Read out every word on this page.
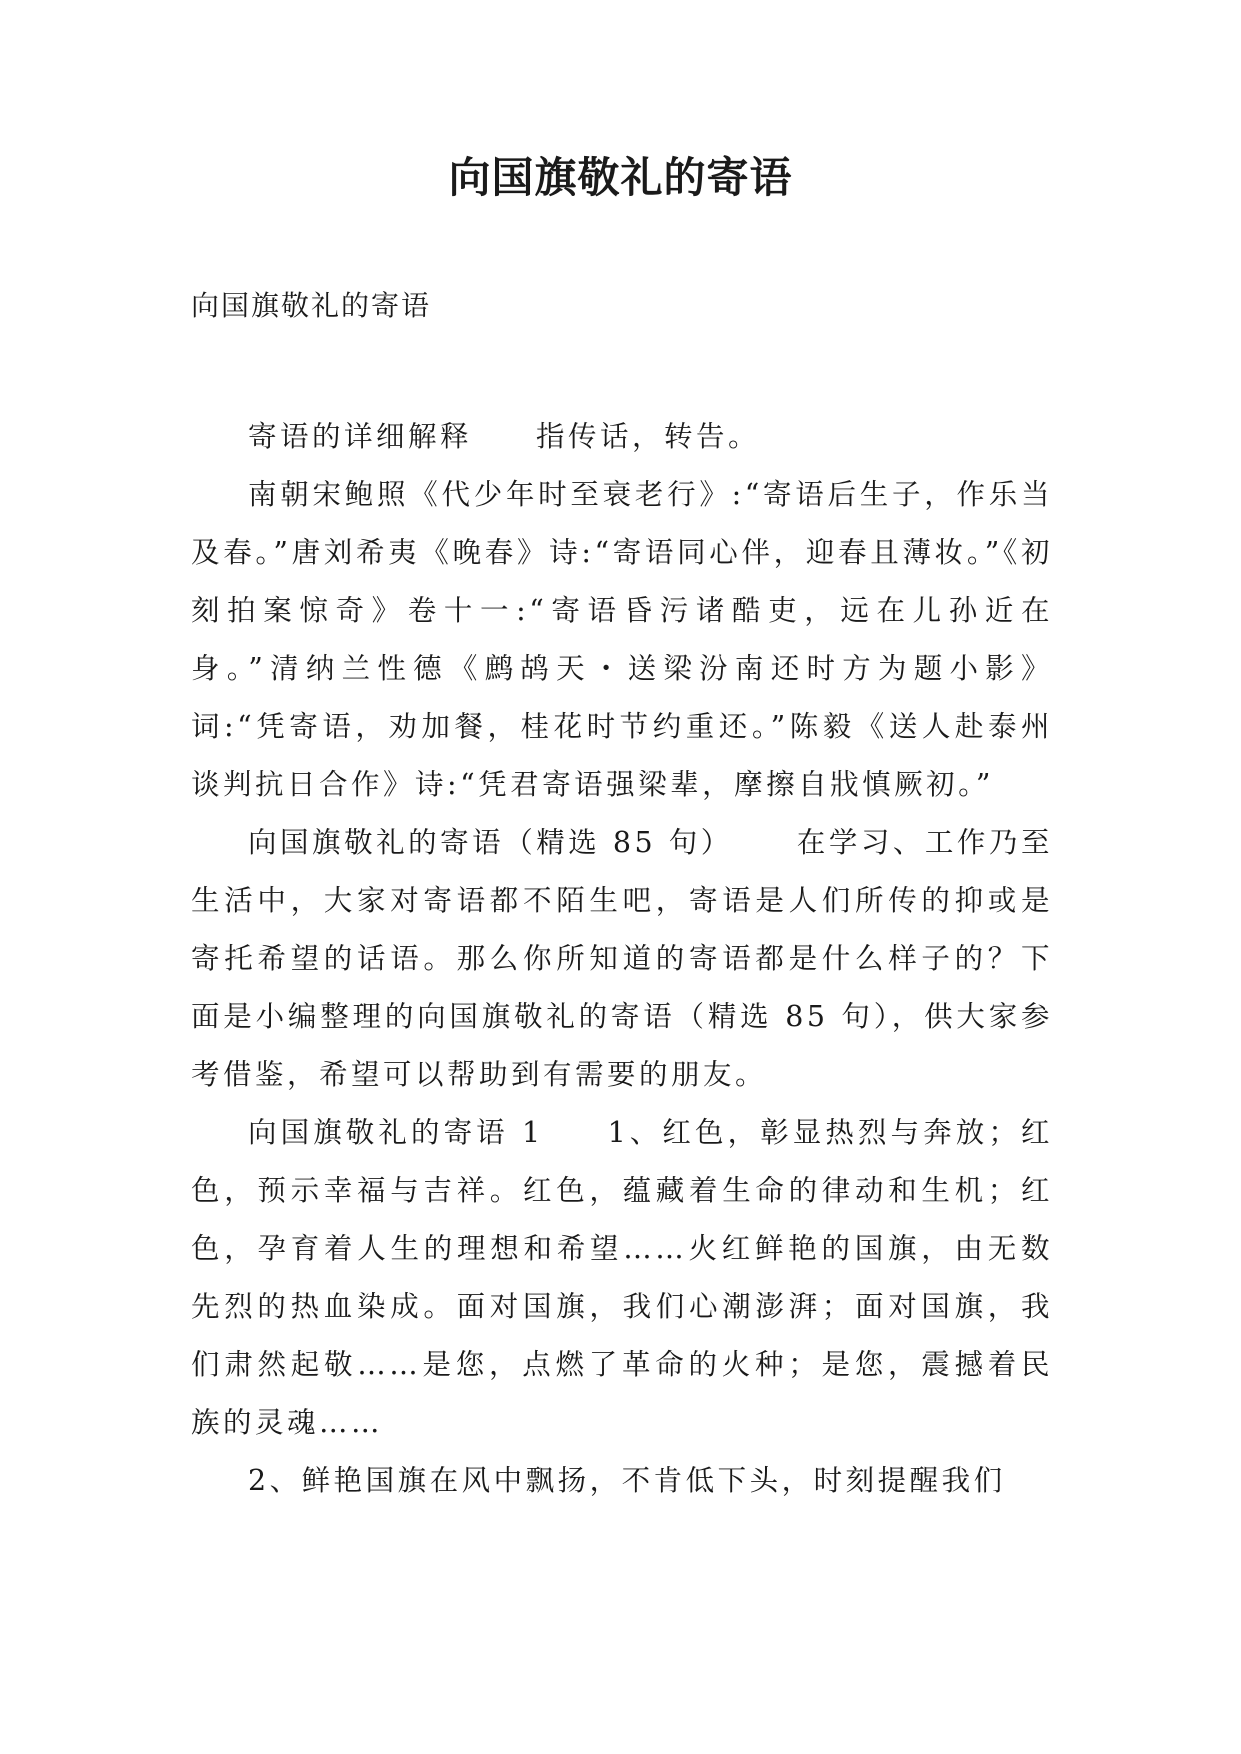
向国旗敬礼的寄语
向国旗敬礼的寄语

寄语的详细解释 指传话，转告。

南朝宋鲍照《代少年时至衰老行》:“寄语后生子，作乐当及春。”唐刘希夷《晚春》诗:“寄语同心伴，迎春且薄妆。”《初刻拍案惊奇》卷十一:“寄语昏污诸酷吏，远在儿孙近在身。”清纳兰性德《鹧鸪天・送梁汾南还时方为题小影》词:“凭寄语，劝加餐，桂花时节约重还。”陈毅《送人赴泰州谈判抗日合作》诗:“凭君寄语强梁辈，摩擦自戕慎厥初。”

向国旗敬礼的寄语（精选 85 句） 在学习、工作乃至生活中，大家对寄语都不陌生吧，寄语是人们所传的抑或是寄托希望的话语。那么你所知道的寄语都是什么样子的？下面是小编整理的向国旗敬礼的寄语（精选 85 句），供大家参考借鉴，希望可以帮助到有需要的朋友。

向国旗敬礼的寄语 1 1、红色，彰显热烈与奔放；红色，预示幸福与吉祥。红色，蕴藏着生命的律动和生机；红色，孕育着人生的理想和希望……火红鲜艳的国旗，由无数先烈的热血染成。面对国旗，我们心潮澎湃；面对国旗，我们肃然起敬……是您，点燃了革命的火种；是您，震撼着民族的灵魂……

2、鲜艳国旗在风中飘扬，不肯低下头，时刻提醒我们
